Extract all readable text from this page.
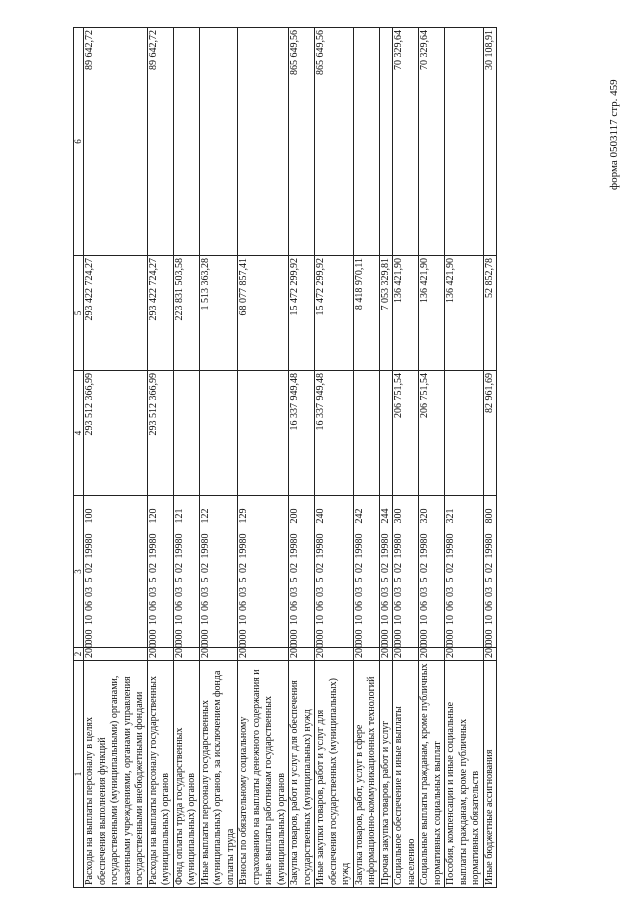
форма 0503117 стр. 459
1	2	3	4	5	6
Расходы на выплаты персоналу в целях обеспечения выполнения функций государственными (муниципальными) органами, казенными учреждениями, органами управления государственными внебюджетными фондами	200	00010060350219980100	293 512 366,99	293 422 724,27	89 642,72
Расходы на выплаты персоналу государственных (муниципальных) органов	200	00010060350219980120	293 512 366,99	293 422 724,27	89 642,72
Фонд оплаты труда государственных (муниципальных) органов	200	00010060350219980121		223 831 503,58	
Иные выплаты персоналу государственных (муниципальных) органов, за исключением фонда оплаты труда	200	00010060350219980122		1 513 363,28	
Взносы по обязательному социальному страхованию на выплаты денежного содержания и иные выплаты работникам государственных (муниципальных) органов	200	00010060350219980129		68 077 857,41	
Закупка товаров, работ и услуг для обеспечения государственных (муниципальных) нужд	200	00010060350219980200	16 337 949,48	15 472 299,92	865 649,56
Иные закупки товаров, работ и услуг для обеспечения государственных (муниципальных) нужд	200	00010060350219980240	16 337 949,48	15 472 299,92	865 649,56
Закупка товаров, работ, услуг в сфере информационно-коммуникационных технологий	200	00010060350219980242		8 418 970,11	
Прочая закупка товаров, работ и услуг	200	00010060350219980244		7 053 329,81	
Социальное обеспечение и иные выплаты населению	200	00010060350219980300	206 751,54	136 421,90	70 329,64
Социальные выплаты гражданам, кроме публичных нормативных социальных выплат	200	00010060350219980320	206 751,54	136 421,90	70 329,64
Пособия, компенсации и иные социальные выплаты гражданам, кроме публичных нормативных обязательств	200	00010060350219980321		136 421,90	
Иные бюджетные ассигнования	200	00010060350219980800	82 961,69	52 852,78	30 108,91
